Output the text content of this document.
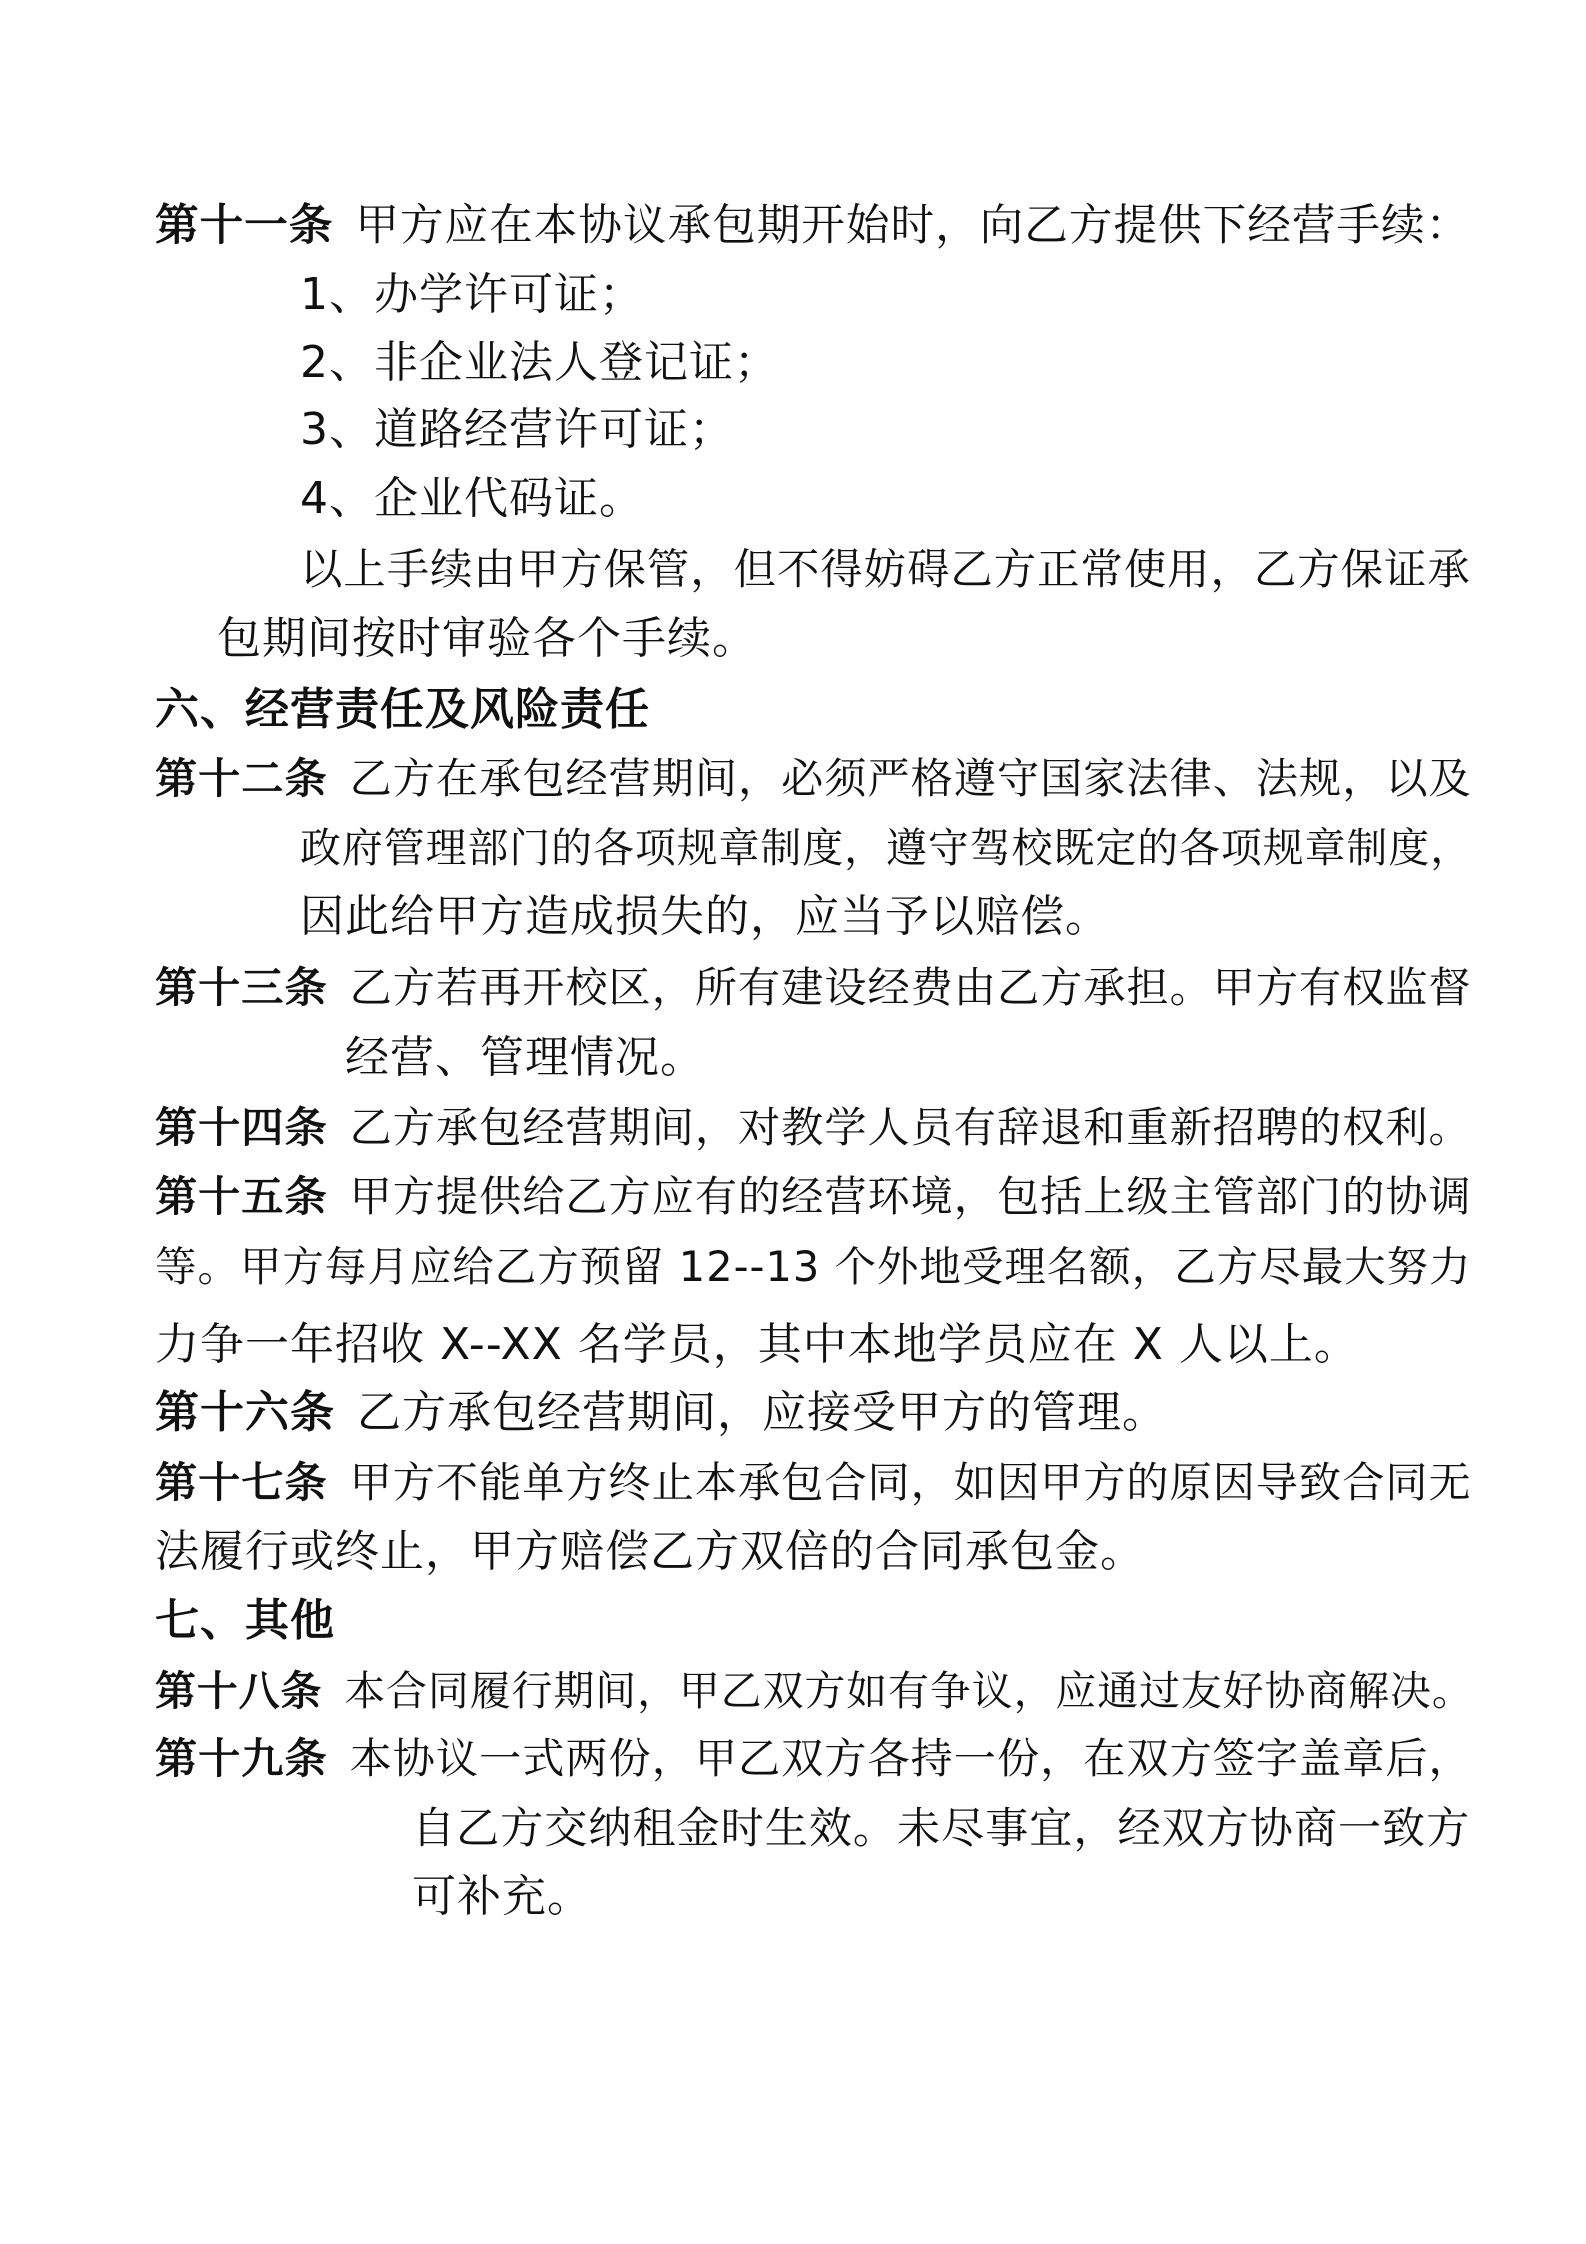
第十一条 甲方应在本协议承包期开始时，向乙方提供下经营手续：
1、办学许可证；
2、非企业法人登记证；
3、道路经营许可证；
4、企业代码证。
以上手续由甲方保管，但不得妨碍乙方正常使用，乙方保证承
包期间按时审验各个手续。
六、经营责任及风险责任
第十二条 乙方在承包经营期间，必须严格遵守国家法律、法规，以及
政府管理部门的各项规章制度，遵守驾校既定的各项规章制度，
因此给甲方造成损失的，应当予以赔偿。
第十三条 乙方若再开校区，所有建设经费由乙方承担。甲方有权监督
经营、管理情况。
第十四条 乙方承包经营期间，对教学人员有辞退和重新招聘的权利。
第十五条 甲方提供给乙方应有的经营环境，包括上级主管部门的协调
等。甲方每月应给乙方预留 12--13 个外地受理名额，乙方尽最大努力
力争一年招收 X--XX 名学员，其中本地学员应在 X 人以上。
第十六条 乙方承包经营期间，应接受甲方的管理。
第十七条 甲方不能单方终止本承包合同，如因甲方的原因导致合同无
法履行或终止，甲方赔偿乙方双倍的合同承包金。
七、其他
第十八条 本合同履行期间，甲乙双方如有争议，应通过友好协商解决。
第十九条 本协议一式两份，甲乙双方各持一份，在双方签字盖章后，
自乙方交纳租金时生效。未尽事宜，经双方协商一致方
可补充。
